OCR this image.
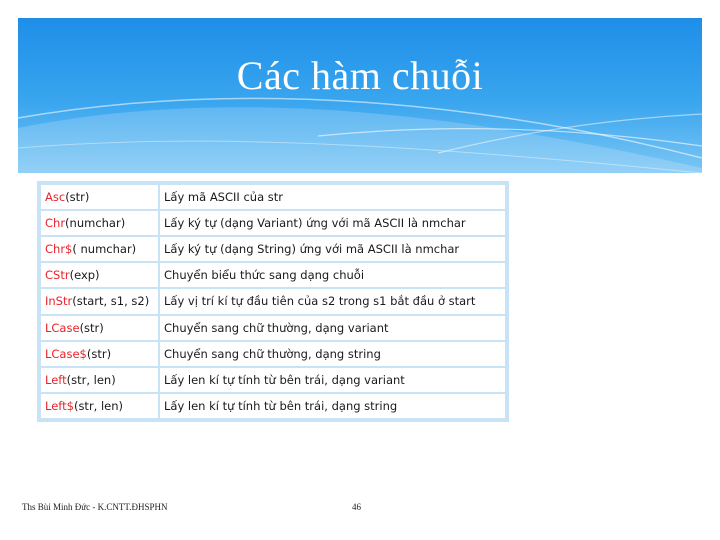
Các hàm chuỗi
Asc(str)	Lấy mã ASCII của str
Chr(numchar)	Lấy ký tự (dạng Variant) ứng với mã ASCII là nmchar
Chr$( numchar)	Lấy ký tự (dạng String) ứng với mã ASCII là nmchar
CStr(exp)	Chuyển biểu thức sang dạng chuỗi
InStr(start, s1, s2)	Lấy vị trí kí tự đầu tiên của s2 trong s1 bắt đầu ở start
LCase(str)	Chuyển sang chữ thường, dạng variant
LCase$(str)	Chuyển sang chữ thường, dạng string
Left(str, len)	Lấy len kí tự tính từ bên trái, dạng variant
Left$(str, len)	Lấy len kí tự tính từ bên trái, dạng string
Ths Bùi Minh Đức - K.CNTT.ĐHSPHN	46
